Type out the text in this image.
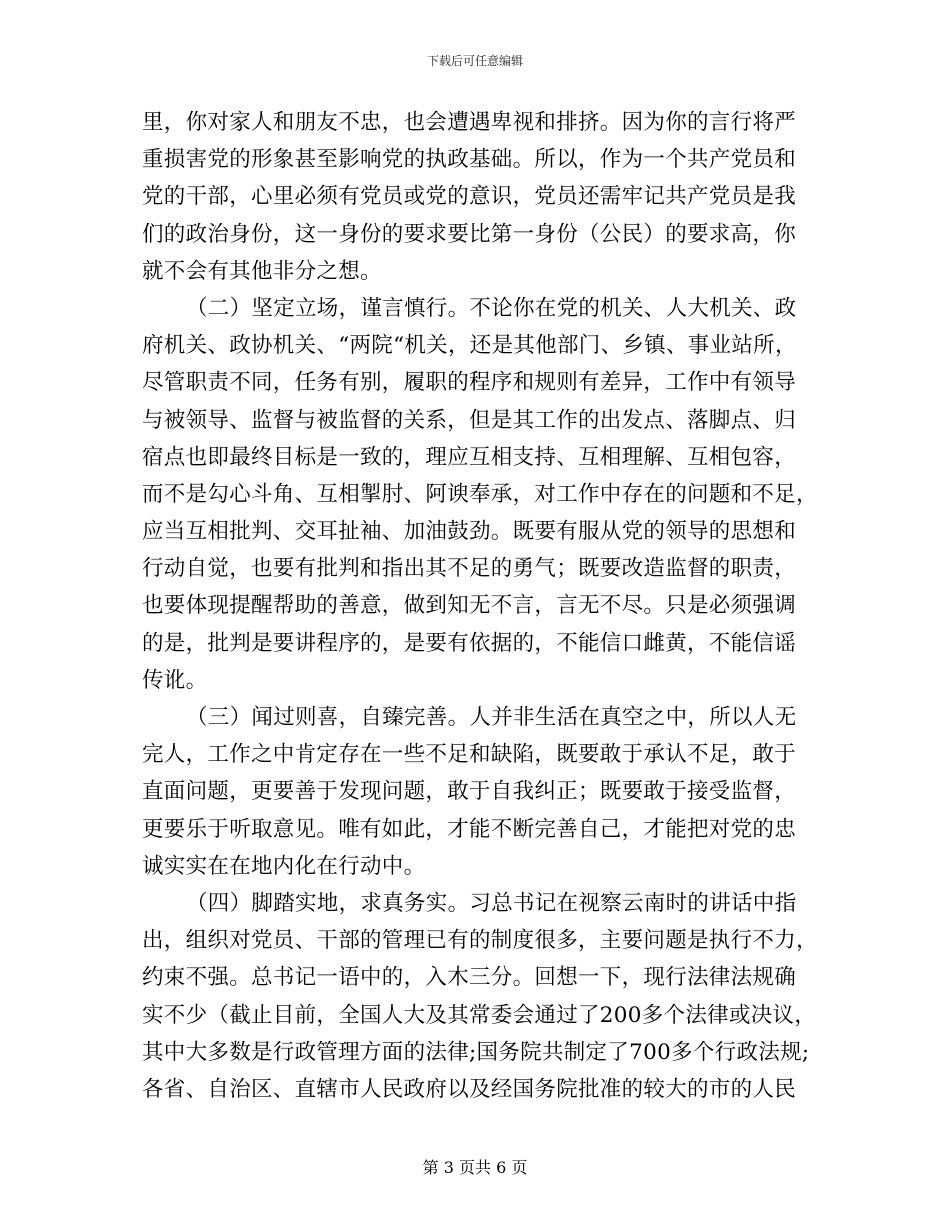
下载后可任意编辑
里，你对家人和朋友不忠，也会遭遇卑视和排挤。因为你的言行将严
重损害党的形象甚至影响党的执政基础。所以，作为一个共产党员和
党的干部，心里必须有党员或党的意识，党员还需牢记共产党员是我
们的政治身份，这一身份的要求要比第一身份（公民）的要求高，你
就不会有其他非分之想。
（二）坚定立场，谨言慎行。不论你在党的机关、人大机关、政
府机关、政协机关、“两院“机关，还是其他部门、乡镇、事业站所，
尽管职责不同，任务有别，履职的程序和规则有差异，工作中有领导
与被领导、监督与被监督的关系，但是其工作的出发点、落脚点、归
宿点也即最终目标是一致的，理应互相支持、互相理解、互相包容，
而不是勾心斗角、互相掣肘、阿谀奉承，对工作中存在的问题和不足，
应当互相批判、交耳扯袖、加油鼓劲。既要有服从党的领导的思想和
行动自觉，也要有批判和指出其不足的勇气；既要改造监督的职责，
也要体现提醒帮助的善意，做到知无不言，言无不尽。只是必须强调
的是，批判是要讲程序的，是要有依据的，不能信口雌黄，不能信谣
传讹。
（三）闻过则喜，自臻完善。人并非生活在真空之中，所以人无
完人，工作之中肯定存在一些不足和缺陷，既要敢于承认不足，敢于
直面问题，更要善于发现问题，敢于自我纠正；既要敢于接受监督，
更要乐于听取意见。唯有如此，才能不断完善自己，才能把对党的忠
诚实实在在地内化在行动中。
（四）脚踏实地，求真务实。习总书记在视察云南时的讲话中指
出，组织对党员、干部的管理已有的制度很多，主要问题是执行不力，
约束不强。总书记一语中的，入木三分。回想一下，现行法律法规确
实不少（截止目前，全国人大及其常委会通过了200多个法律或决议，
其中大多数是行政管理方面的法律;国务院共制定了700多个行政法规;
各省、自治区、直辖市人民政府以及经国务院批准的较大的市的人民
第 3 页共 6 页
